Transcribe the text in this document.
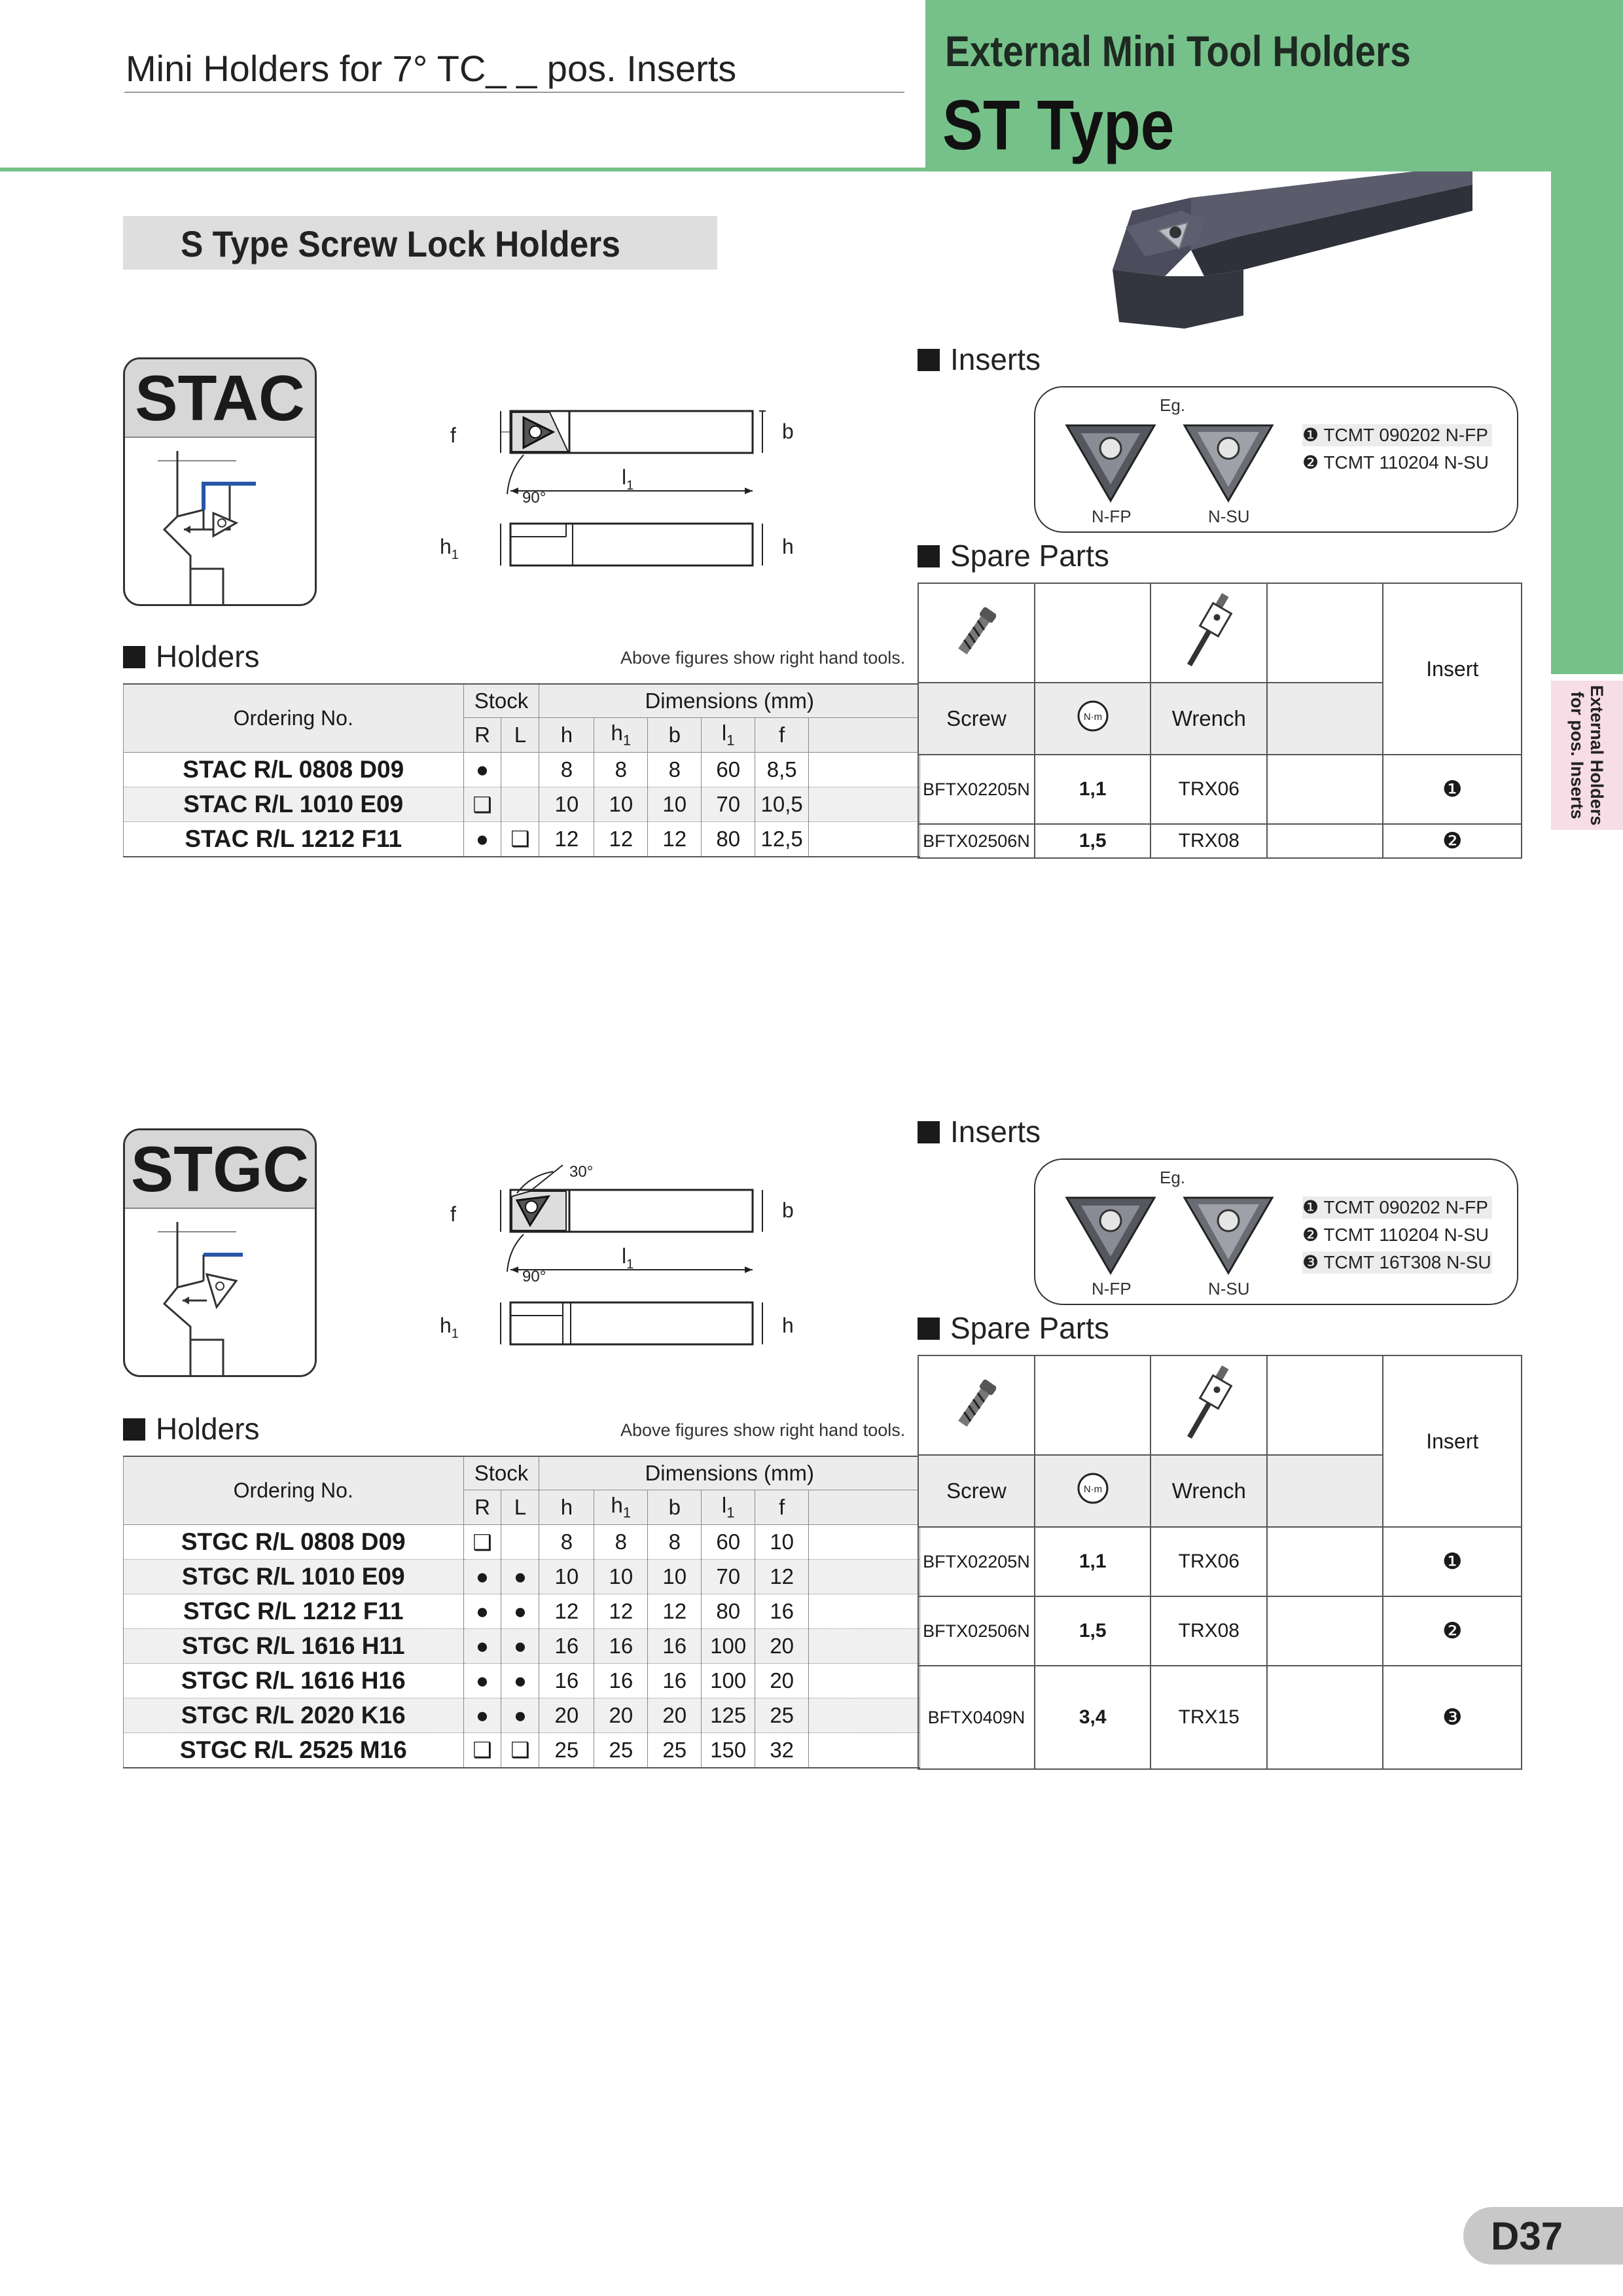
Mini Holders for 7° TC_ _ pos. Inserts	External Mini Tool Holders
ST Type
External Holders
for pos. Inserts
S Type Screw Lock Holders
STAC
f	b
90°
$l_1$
$h_1$	h
Holders	Above figures show right hand tools.
Ordering No.	Stock		Dimensions (mm)					
	R	L	h	$h_1$	b	$l_1$	f	
STAC R/L 0808 D09	●		8	8	8	60	8,5	
STAC R/L 1010 E09	❑		10	10	10	70	10,5	
STAC R/L 1212 F11	●	❑	12	12	12	80	12,5	
Inserts
Eg.
N-FP	N-SU
❶ TCMT 090202 N-FP
❷ TCMT 110204 N-SU
Spare Parts
				Insert
Screw	N·m	Wrench		
BFTX02205N	1,1	TRX06		❶
BFTX02506N	1,5	TRX08		❷
STGC	30°
f	b
90°
$l_1$
$h_1$	h
Holders	Above figures show right hand tools.
Ordering No.	Stock		Dimensions (mm)					
	R	L	h	$h_1$	b	$l_1$	f	
STGC R/L 0808 D09	❑		8	8	8	60	10	
STGC R/L 1010 E09	●	●	10	10	10	70	12	
STGC R/L 1212 F11	●	●	12	12	12	80	16	
STGC R/L 1616 H11	●	●	16	16	16	100	20	
STGC R/L 1616 H16	●	●	16	16	16	100	20	
STGC R/L 2020 K16	●	●	20	20	20	125	25	
STGC R/L 2525 M16	❑	❑	25	25	25	150	32	
Inserts
Eg.
N-FP	N-SU
❶ TCMT 090202 N-FP
❷ TCMT 110204 N-SU
❸ TCMT 16T308 N-SU
Spare Parts
				Insert
Screw	N·m	Wrench		
BFTX02205N	1,1	TRX06		❶
BFTX02506N	1,5	TRX08		❷
BFTX0409N	3,4	TRX15		❸
D37
